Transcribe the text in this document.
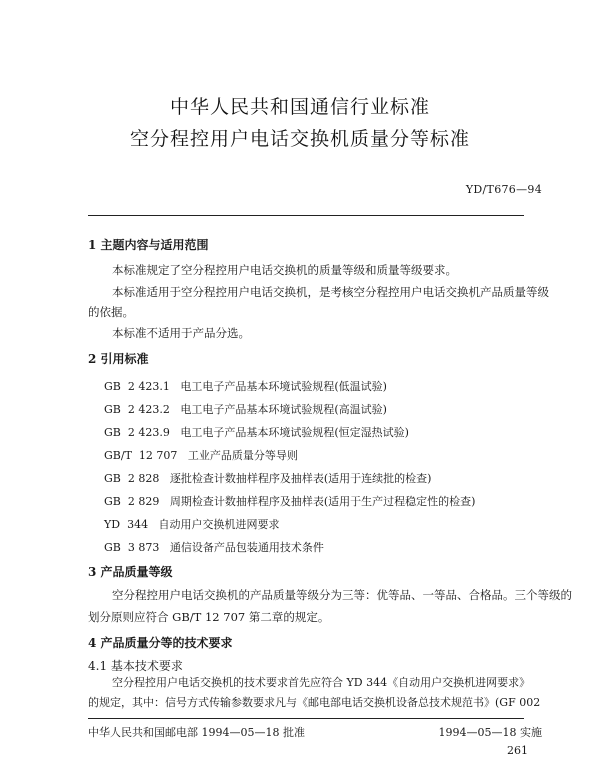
中华人民共和国通信行业标准
空分程控用户电话交换机质量分等标准
YD/T676—94
1 主题内容与适用范围
本标准规定了空分程控用户电话交换机的质量等级和质量等级要求。
本标准适用于空分程控用户电话交换机，是考核空分程控用户电话交换机产品质量等级
的依据。
本标准不适用于产品分选。
2 引用标准
GB  2 423.1   电工电子产品基本环境试验规程(低温试验)
GB  2 423.2   电工电子产品基本环境试验规程(高温试验)
GB  2 423.9   电工电子产品基本环境试验规程(恒定湿热试验)
GB/T  12 707   工业产品质量分等导则
GB  2 828   逐批检查计数抽样程序及抽样表(适用于连续批的检查)
GB  2 829   周期检查计数抽样程序及抽样表(适用于生产过程稳定性的检查)
YD  344   自动用户交换机进网要求
GB  3 873   通信设备产品包装通用技术条件
3 产品质量等级
空分程控用户电话交换机的产品质量等级分为三等：优等品、一等品、合格品。三个等级的
划分原则应符合 GB/T 12 707 第二章的规定。
4 产品质量分等的技术要求
4.1 基本技术要求
空分程控用户电话交换机的技术要求首先应符合 YD 344《自动用户交换机进网要求》
的规定，其中：信号方式传输参数要求凡与《邮电部电话交换机设备总技术规范书》(GF 002
中华人民共和国邮电部 1994—05—18 批准	1994—05—18 实施
261
